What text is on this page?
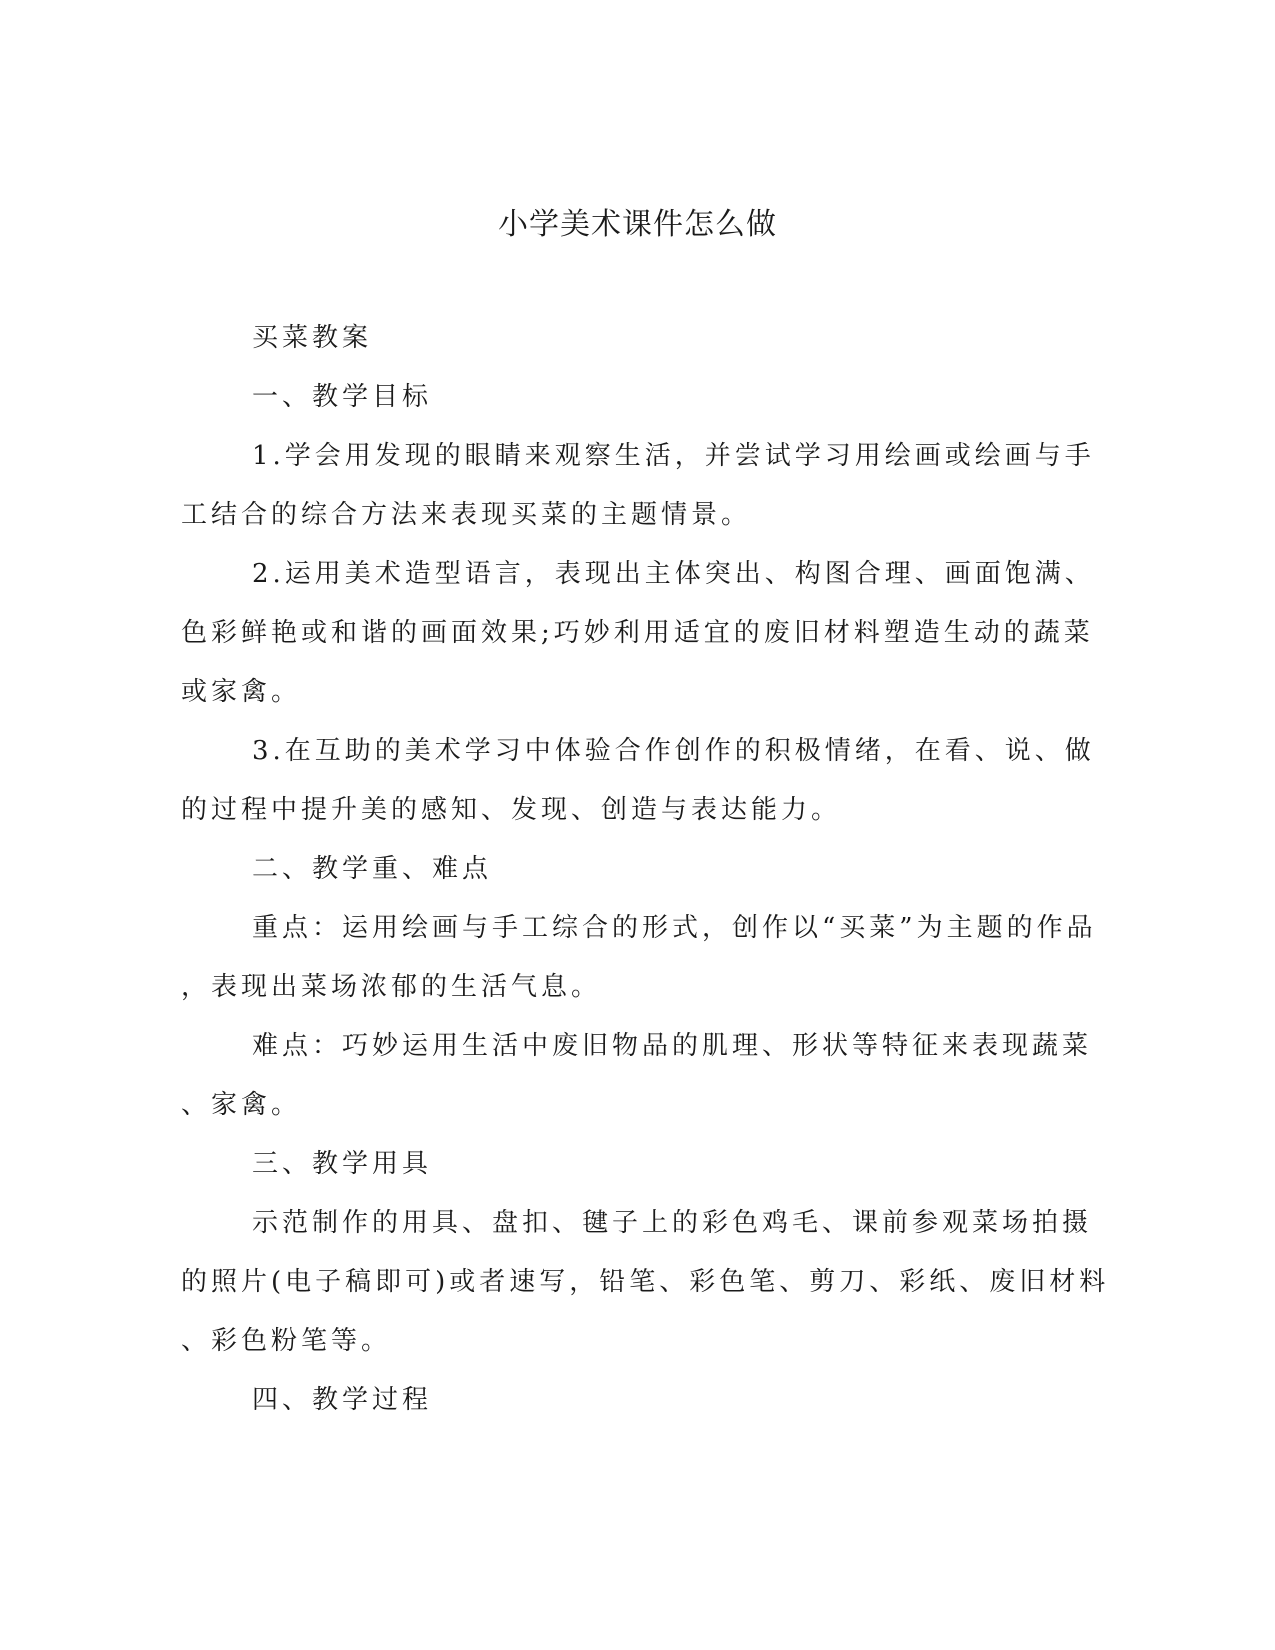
小学美术课件怎么做
买菜教案
一、教学目标
1.学会用发现的眼睛来观察生活，并尝试学习用绘画或绘画与手
工结合的综合方法来表现买菜的主题情景。
2.运用美术造型语言，表现出主体突出、构图合理、画面饱满、
色彩鲜艳或和谐的画面效果;巧妙利用适宜的废旧材料塑造生动的蔬菜
或家禽。
3.在互助的美术学习中体验合作创作的积极情绪，在看、说、做
的过程中提升美的感知、发现、创造与表达能力。
二、教学重、难点
重点：运用绘画与手工综合的形式，创作以“买菜”为主题的作品
，表现出菜场浓郁的生活气息。
难点：巧妙运用生活中废旧物品的肌理、形状等特征来表现蔬菜
、家禽。
三、教学用具
示范制作的用具、盘扣、毽子上的彩色鸡毛、课前参观菜场拍摄
的照片(电子稿即可)或者速写，铅笔、彩色笔、剪刀、彩纸、废旧材料
、彩色粉笔等。
四、教学过程
